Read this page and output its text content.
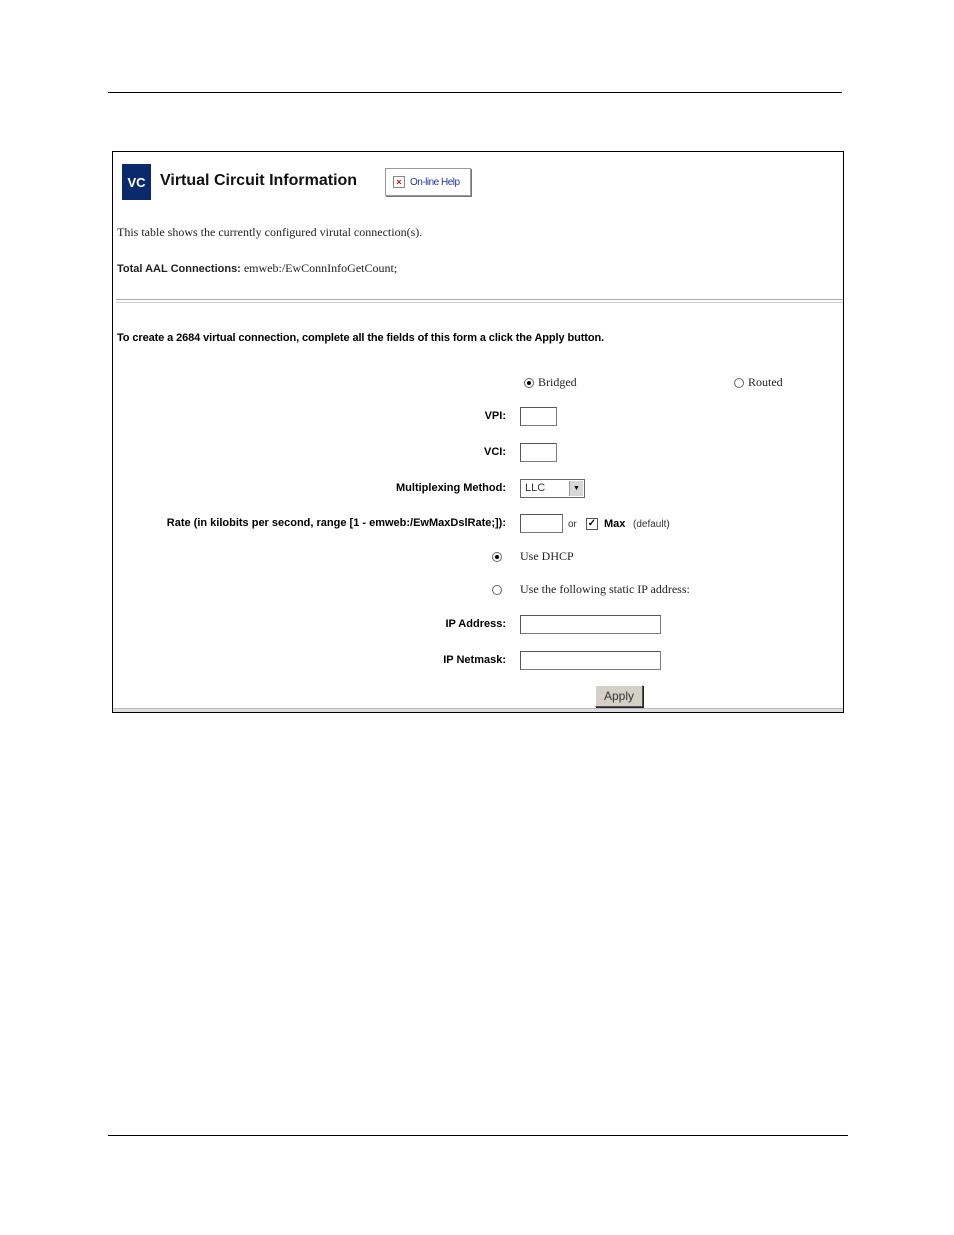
VC Virtual Circuit Information	× On-line Help
This table shows the currently configured virutal connection(s).
Total AAL Connections: emweb:/EwConnInfoGetCount;
To create a 2684 virtual connection, complete all the fields of this form a click the Apply button.
Bridged	Routed
VPI:
VCI:
Multiplexing Method: LLC	▼
Rate (in kilobits per second, range [1 - emweb:/EwMaxDslRate;]):	or ✓ Max (default)
Use DHCP
Use the following static IP address:
IP Address:
IP Netmask:
Apply
